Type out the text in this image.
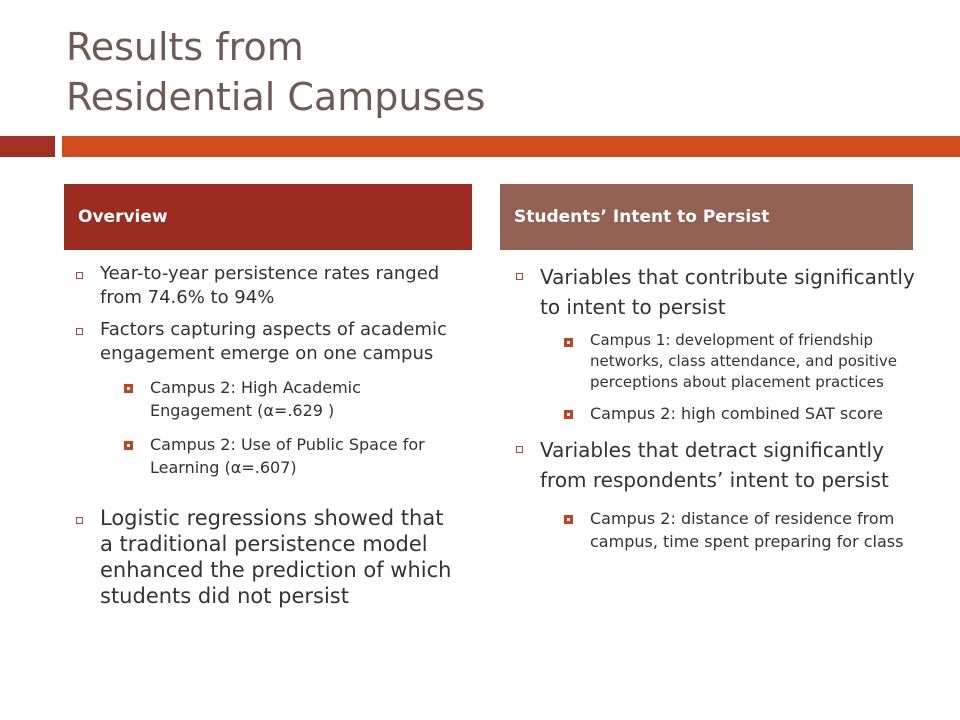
Results from
Residential Campuses
Overview	Students’ Intent to Persist
Year-to-year persistence rates ranged from 74.6% to 94%
Factors capturing aspects of academic engagement emerge on one campus
Campus 2: High Academic Engagement (α=.629 )
Campus 2: Use of Public Space for Learning (α=.607)
Logistic regressions showed that a traditional persistence model enhanced the prediction of which students did not persist
Variables that contribute significantly to intent to persist
Campus 1: development of friendship networks, class attendance, and positive perceptions about placement practices
Campus 2: high combined SAT score
Variables that detract significantly from respondents’ intent to persist
Campus 2: distance of residence from campus, time spent preparing for class
